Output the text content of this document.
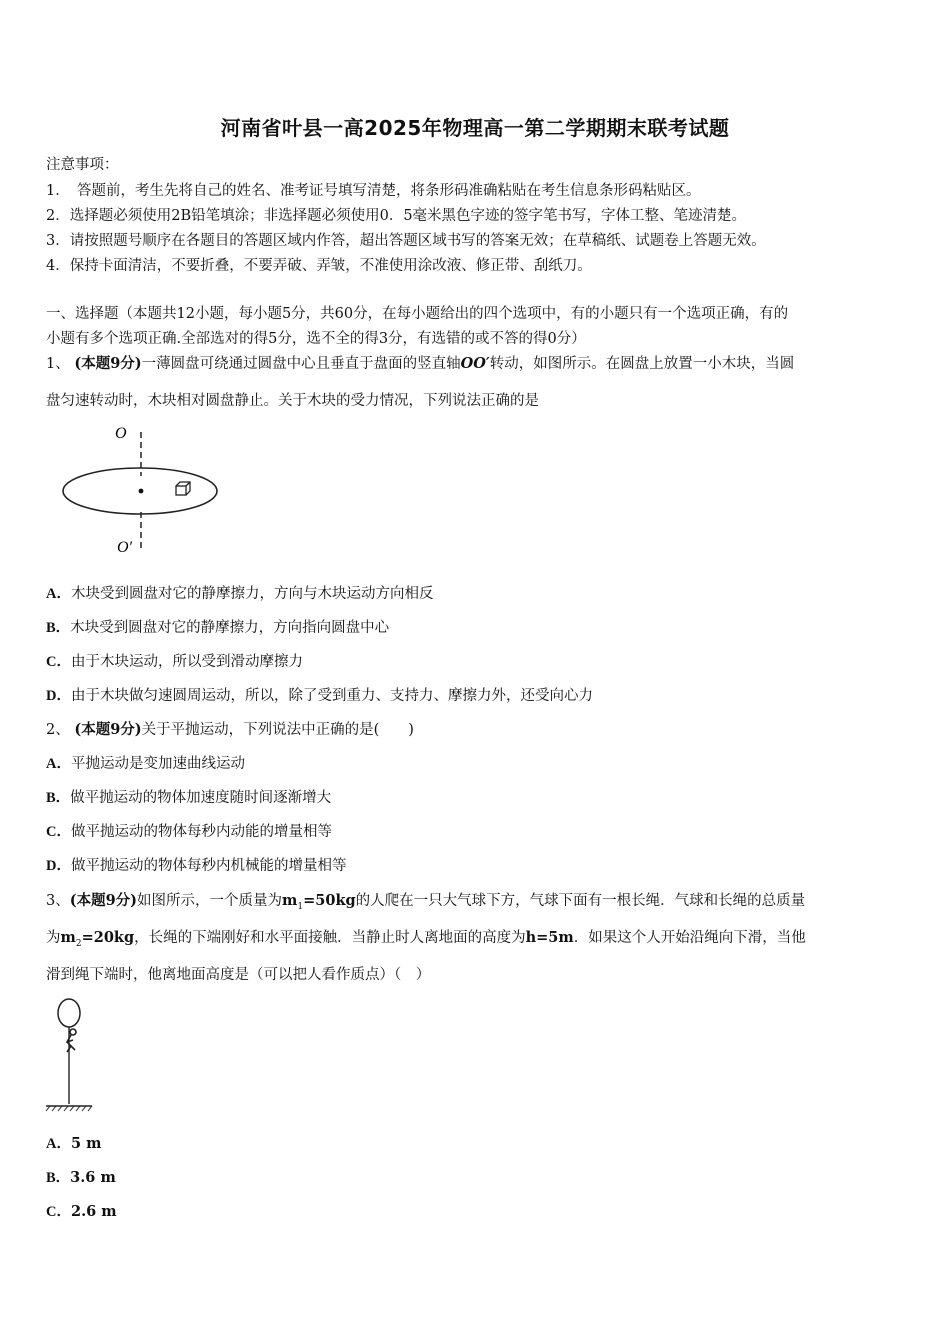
河南省叶县一高2025年物理高一第二学期期末联考试题
注意事项：
1．　答题前，考生先将自己的姓名、准考证号填写清楚，将条形码准确粘贴在考生信息条形码粘贴区。
2．选择题必须使用2B铅笔填涂；非选择题必须使用0．5毫米黑色字迹的签字笔书写，字体工整、笔迹清楚。
3．请按照题号顺序在各题目的答题区域内作答，超出答题区域书写的答案无效；在草稿纸、试题卷上答题无效。
4．保持卡面清洁，不要折叠，不要弄破、弄皱，不准使用涂改液、修正带、刮纸刀。
一、选择题（本题共12小题，每小题5分，共60分，在每小题给出的四个选项中，有的小题只有一个选项正确，有的
小题有多个选项正确.全部选对的得5分，选不全的得3分，有选错的或不答的得0分）
1、 (本题9分)一薄圆盘可绕通过圆盘中心且垂直于盘面的竖直轴OO′转动，如图所示。在圆盘上放置一小木块，当圆
盘匀速转动时，木块相对圆盘静止。关于木块的受力情况，下列说法正确的是
O
O′
A．木块受到圆盘对它的静摩擦力，方向与木块运动方向相反
B．木块受到圆盘对它的静摩擦力，方向指向圆盘中心
C．由于木块运动，所以受到滑动摩擦力
D．由于木块做匀速圆周运动，所以，除了受到重力、支持力、摩擦力外，还受向心力
2、 (本题9分)关于平抛运动，下列说法中正确的是(　　)
A．平抛运动是变加速曲线运动
B．做平抛运动的物体加速度随时间逐渐增大
C．做平抛运动的物体每秒内动能的增量相等
D．做平抛运动的物体每秒内机械能的增量相等
3、(本题9分)如图所示，一个质量为$m_1=50kg$的人爬在一只大气球下方，气球下面有一根长绳．气球和长绳的总质量
为$m_2=20kg$，长绳的下端刚好和水平面接触．当静止时人离地面的高度为h=5m．如果这个人开始沿绳向下滑，当他
滑到绳下端时，他离地面高度是（可以把人看作质点）（　）
A．5 m
B．3.6 m
C．2.6 m
